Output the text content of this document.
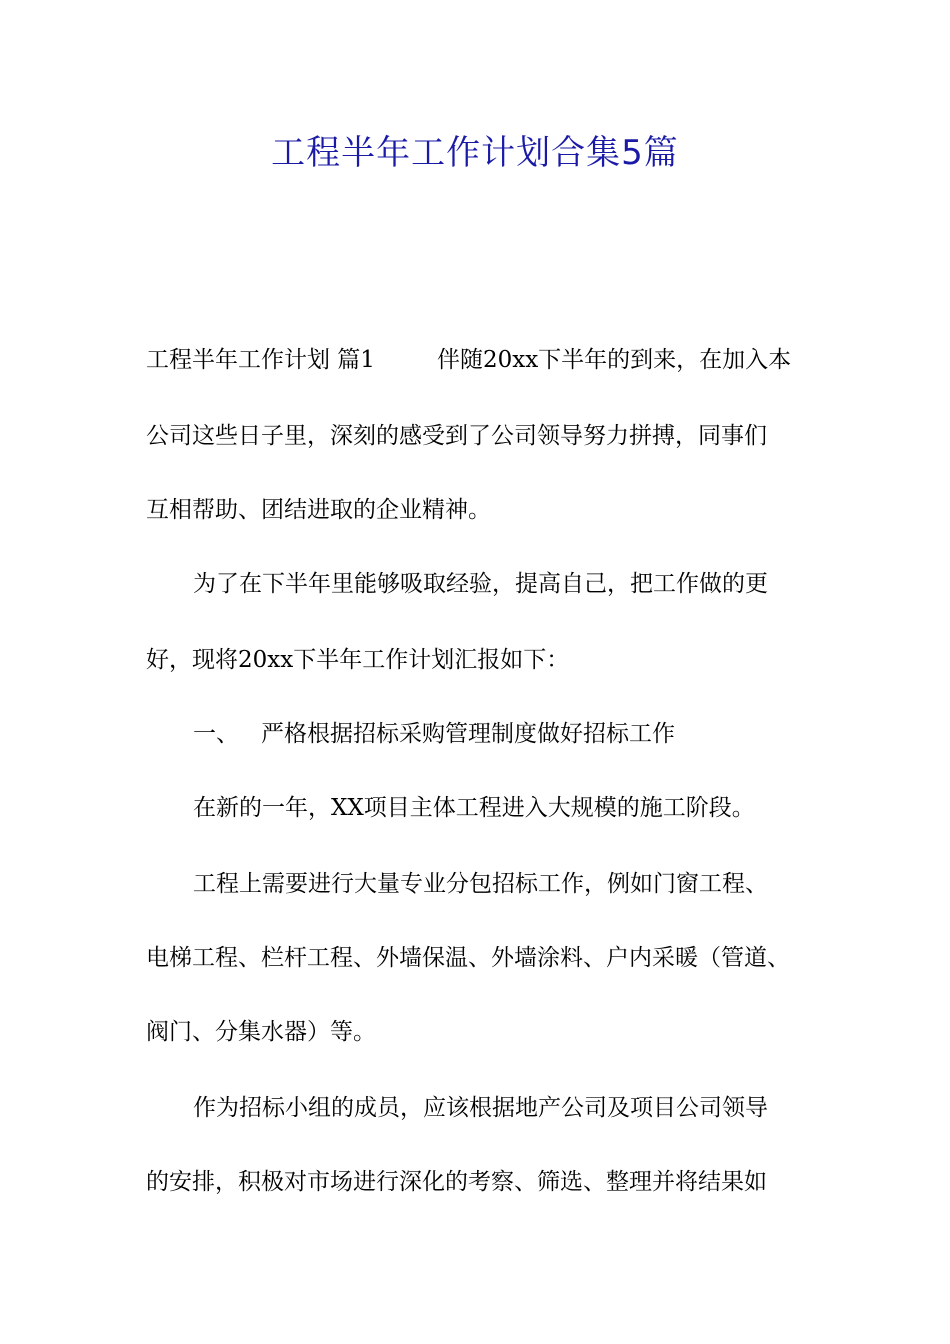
工程半年工作计划合集5篇

工程半年工作计划 篇1	伴随20xx下半年的到来，在加入本

公司这些日子里，深刻的感受到了公司领导努力拼搏，同事们

互相帮助、团结进取的企业精神。

为了在下半年里能够吸取经验，提高自己，把工作做的更

好，现将20xx下半年工作计划汇报如下：

一、 严格根据招标采购管理制度做好招标工作

在新的一年，XX项目主体工程进入大规模的施工阶段。

工程上需要进行大量专业分包招标工作，例如门窗工程、

电梯工程、栏杆工程、外墙保温、外墙涂料、户内采暖（管道、

阀门、分集水器）等。

作为招标小组的成员，应该根据地产公司及项目公司领导

的安排，积极对市场进行深化的考察、筛选、整理并将结果如
